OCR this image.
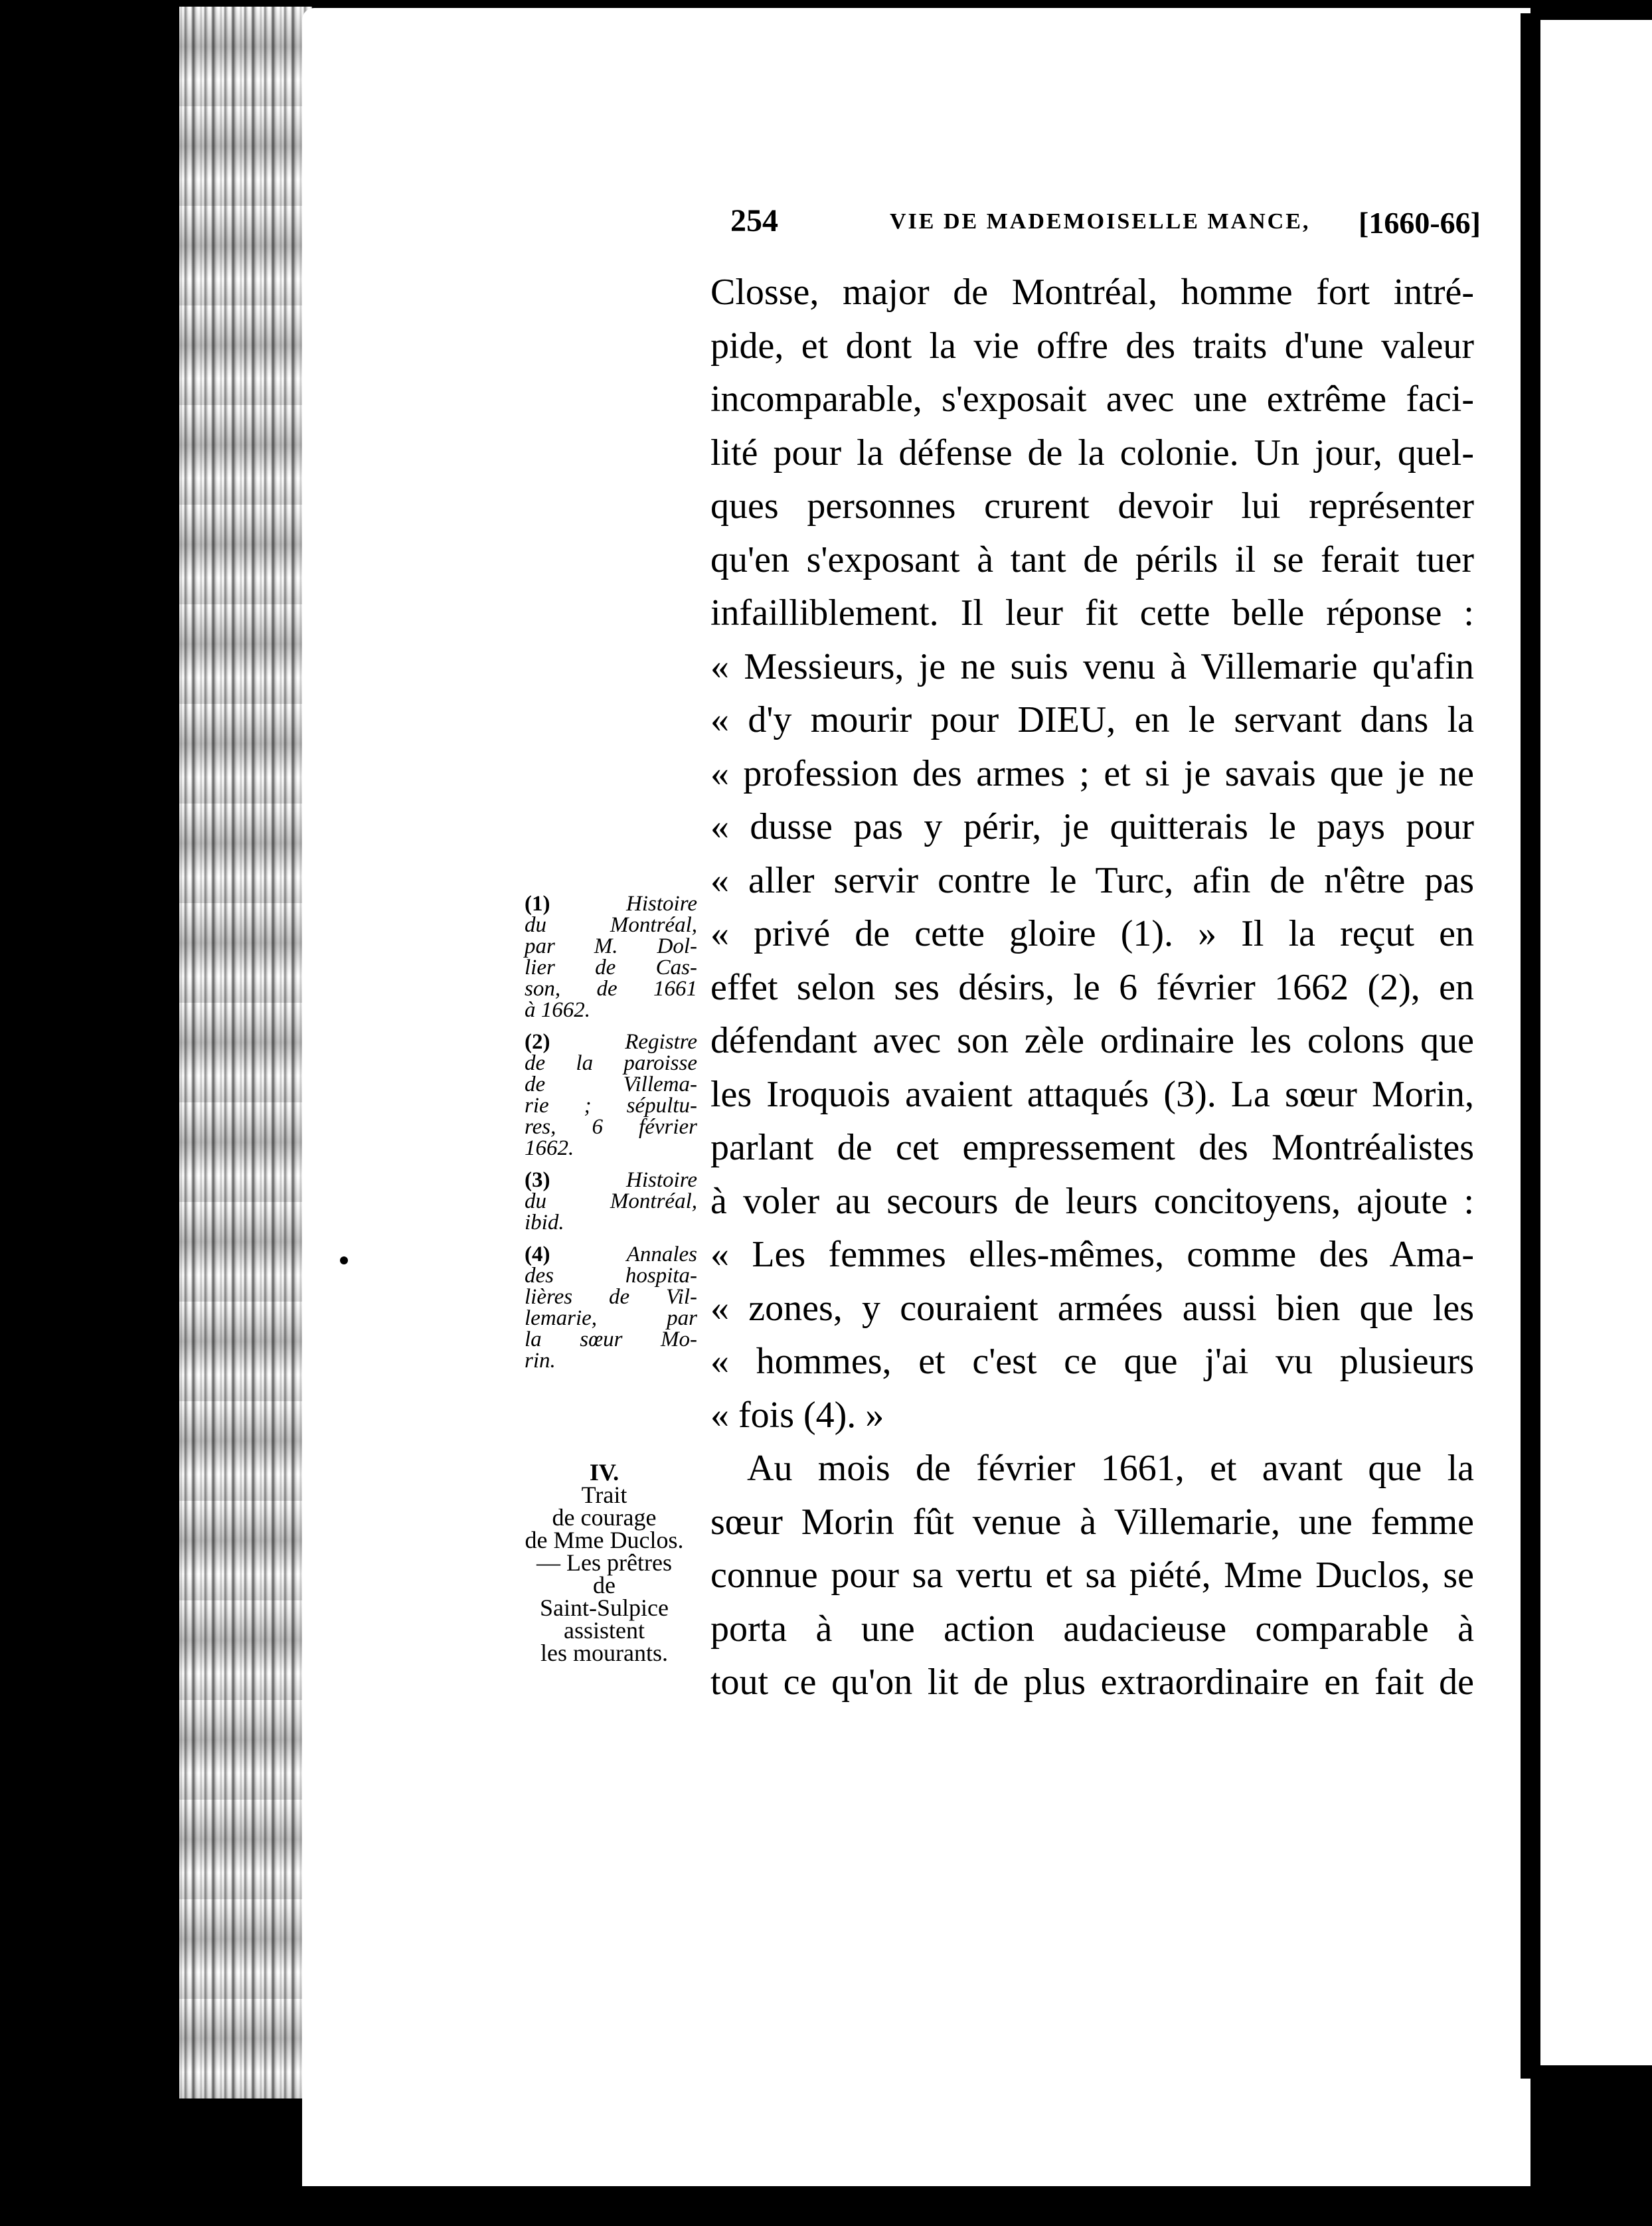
254	VIE DE MADEMOISELLE MANCE, [1660-66]
Closse, major de Montréal, homme fort intré-
pide, et dont la vie offre des traits d'une valeur
incomparable, s'exposait avec une extrême faci-
lité pour la défense de la colonie. Un jour, quel-
ques personnes crurent devoir lui représenter
qu'en s'exposant à tant de périls il se ferait tuer
infailliblement. Il leur fit cette belle réponse :
« Messieurs, je ne suis venu à Villemarie qu'afin
« d'y mourir pour DIEU, en le servant dans la
« profession des armes ; et si je savais que je ne
« dusse pas y périr, je quitterais le pays pour
« aller servir contre le Turc, afin de n'être pas
« privé de cette gloire (1). » Il la reçut en
effet selon ses désirs, le 6 février 1662 (2), en
défendant avec son zèle ordinaire les colons que
les Iroquois avaient attaqués (3). La sœur Morin,
parlant de cet empressement des Montréalistes
à voler au secours de leurs concitoyens, ajoute :
« Les femmes elles-mêmes, comme des Ama-
« zones, y couraient armées aussi bien que les
« hommes, et c'est ce que j'ai vu plusieurs
« fois (4). »
Au mois de février 1661, et avant que la
sœur Morin fût venue à Villemarie, une femme
connue pour sa vertu et sa piété, Mme Duclos, se
porta à une action audacieuse comparable à
tout ce qu'on lit de plus extraordinaire en fait de
(1)	Histoire
du Montréal,
par M. Dol-
lier de Cas-
son, de 1661
à 1662.
(2)	Registre
de la paroisse
de Villema-
rie ; sépultu-
res, 6 février
1662.
(3)	Histoire
du Montréal,
ibid.
(4)	Annales
des hospita-
lières de Vil-
lemarie, par
la sœur Mo-
rin.
IV.
Trait
de courage
de Mme Duclos.
— Les prêtres
de
Saint-Sulpice
assistent
les mourants.
